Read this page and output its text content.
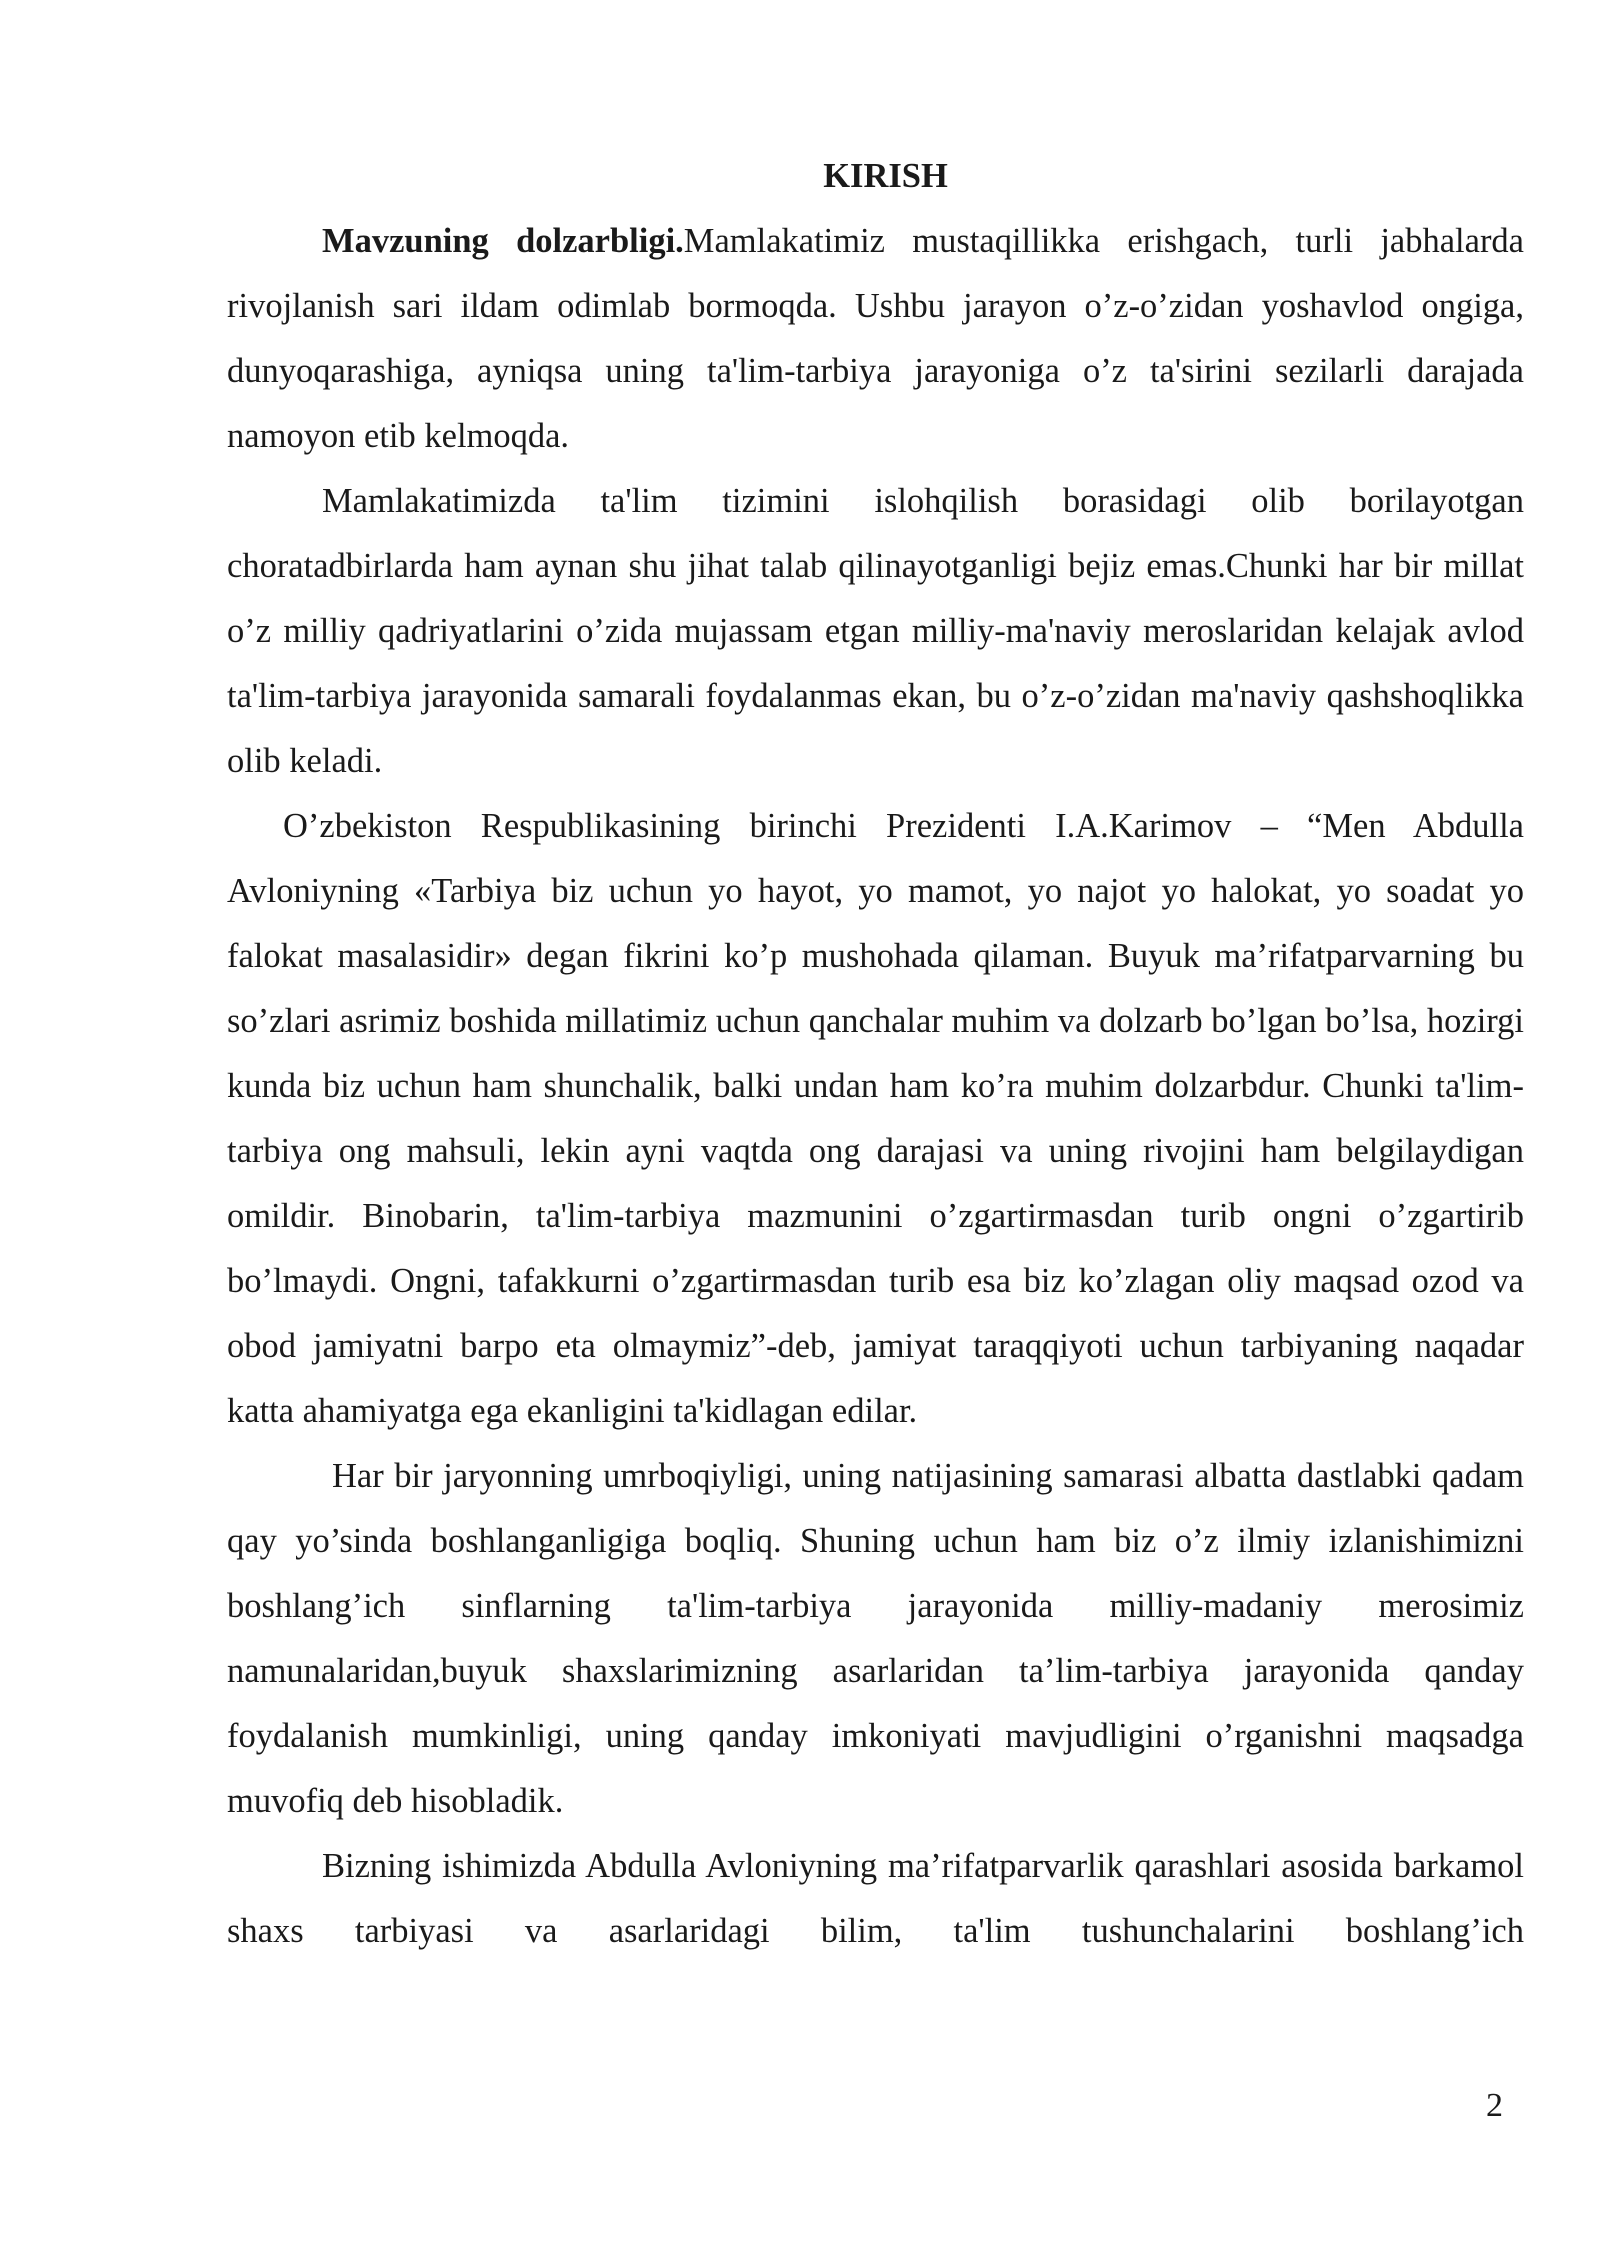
KIRISH

Mavzuning dolzarbligi.Mamlakatimiz mustaqillikka erishgach, turli jabhalarda rivojlanish sari ildam odimlab bormoqda. Ushbu jarayon o’z-o’zidan yoshavlod ongiga, dunyoqarashiga, ayniqsa uning ta'lim-tarbiya jarayoniga o’z ta'sirini sezilarli darajada namoyon etib kelmoqda.

Mamlakatimizda ta'lim tizimini islohqilish borasidagi olib borilayotgan choratadbirlarda ham aynan shu jihat talab qilinayotganligi bejiz emas.Chunki har bir millat o’z milliy qadriyatlarini o’zida mujassam etgan milliy-ma'naviy meroslaridan kelajak avlod ta'lim-tarbiya jarayonida samarali foydalanmas ekan, bu o’z-o’zidan ma'naviy qashshoqlikka olib keladi.

O’zbekiston Respublikasining birinchi Prezidenti I.A.Karimov – “Men Abdulla Avloniyning «Tarbiya biz uchun yo hayot, yo mamot, yo najot yo halokat, yo soadat yo falokat masalasidir» degan fikrini ko’p mushohada qilaman. Buyuk ma’rifatparvarning bu so’zlari asrimiz boshida millatimiz uchun qanchalar muhim va dolzarb bo’lgan bo’lsa, hozirgi kunda biz uchun ham shunchalik, balki undan ham ko’ra muhim dolzarbdur. Chunki ta'lim-tarbiya ong mahsuli, lekin ayni vaqtda ong darajasi va uning rivojini ham belgilaydigan omildir. Binobarin, ta'lim-tarbiya mazmunini o’zgartirmasdan turib ongni o’zgartirib bo’lmaydi. Ongni, tafakkurni o’zgartirmasdan turib esa biz ko’zlagan oliy maqsad ozod va obod jamiyatni barpo eta olmaymiz”-deb, jamiyat taraqqiyoti uchun tarbiyaning naqadar katta ahamiyatga ega ekanligini ta'kidlagan edilar.

Har bir jaryonning umrboqiyligi, uning natijasining samarasi albatta dastlabki qadam qay yo’sinda boshlanganligiga boqliq. Shuning uchun ham biz o’z ilmiy izlanishimizni boshlang’ich sinflarning ta'lim-tarbiya jarayonida milliy-madaniy merosimiz namunalaridan,buyuk shaxslarimizning asarlaridan ta’lim-tarbiya jarayonida qanday foydalanish mumkinligi, uning qanday imkoniyati mavjudligini o’rganishni maqsadga muvofiq deb hisobladik.

Bizning ishimizda Abdulla Avloniyning ma’rifatparvarlik qarashlari asosida barkamol shaxs tarbiyasi va asarlaridagi bilim, ta'lim tushunchalarini boshlang’ich

2
